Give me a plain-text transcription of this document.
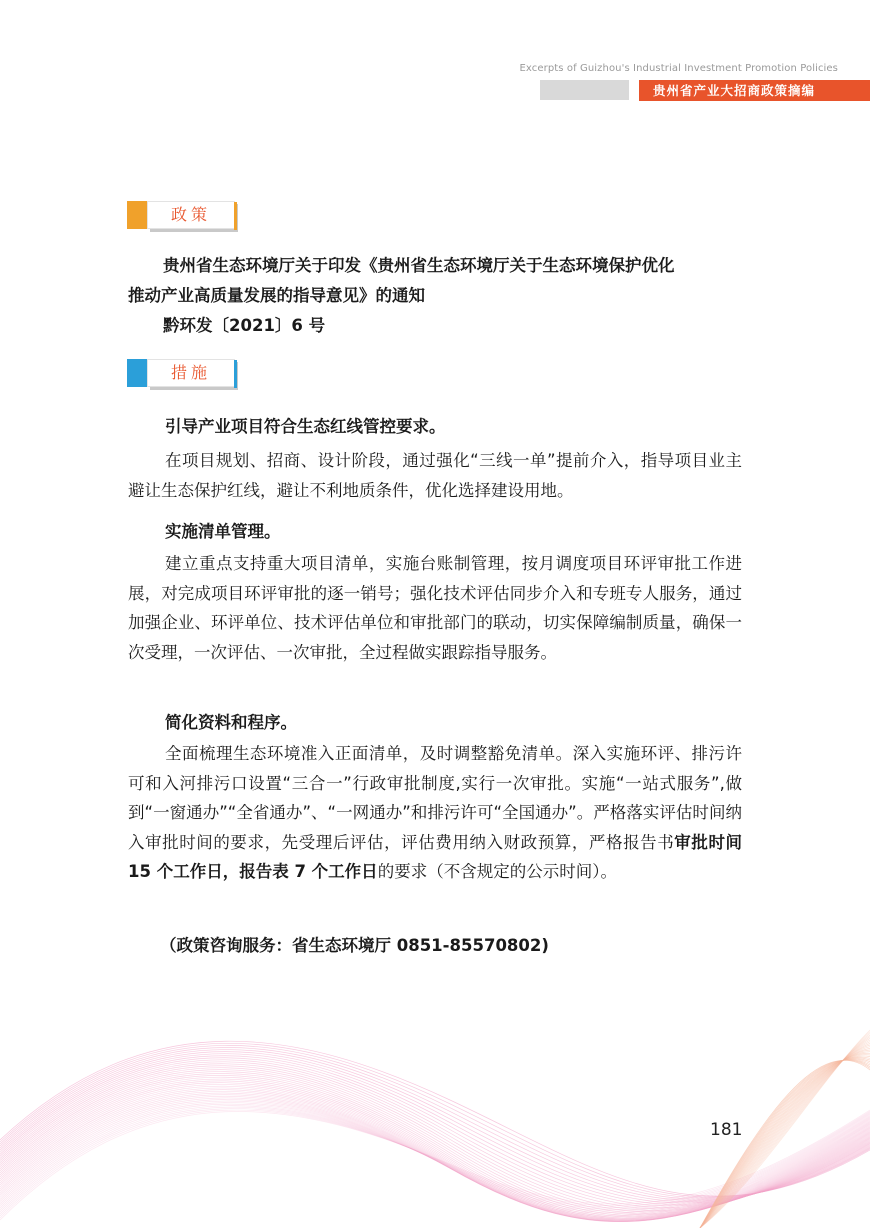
Excerpts of Guizhou's Industrial Investment Promotion Policies
贵州省产业大招商政策摘编
政策
贵州省生态环境厅关于印发《贵州省生态环境厅关于生态环境保护优化
推动产业高质量发展的指导意见》的通知
黔环发〔2021〕6 号
措施
引导产业项目符合生态红线管控要求。
在项目规划、招商、设计阶段，通过强化“三线一单”提前介入，指导项目业主避让生态保护红线，避让不利地质条件，优化选择建设用地。
实施清单管理。
建立重点支持重大项目清单，实施台账制管理，按月调度项目环评审批工作进展，对完成项目环评审批的逐一销号；强化技术评估同步介入和专班专人服务，通过加强企业、环评单位、技术评估单位和审批部门的联动，切实保障编制质量，确保一次受理，一次评估、一次审批，全过程做实跟踪指导服务。
简化资料和程序。
全面梳理生态环境准入正面清单，及时调整豁免清单。深入实施环评、排污许可和入河排污口设置“三合一”行政审批制度,实行一次审批。实施“一站式服务”,做到“一窗通办”“全省通办”、“一网通办”和排污许可“全国通办”。严格落实评估时间纳入审批时间的要求，先受理后评估，评估费用纳入财政预算，严格报告书审批时间 15 个工作日，报告表 7 个工作日的要求（不含规定的公示时间）。
（政策咨询服务：省生态环境厅 0851-85570802)
181
